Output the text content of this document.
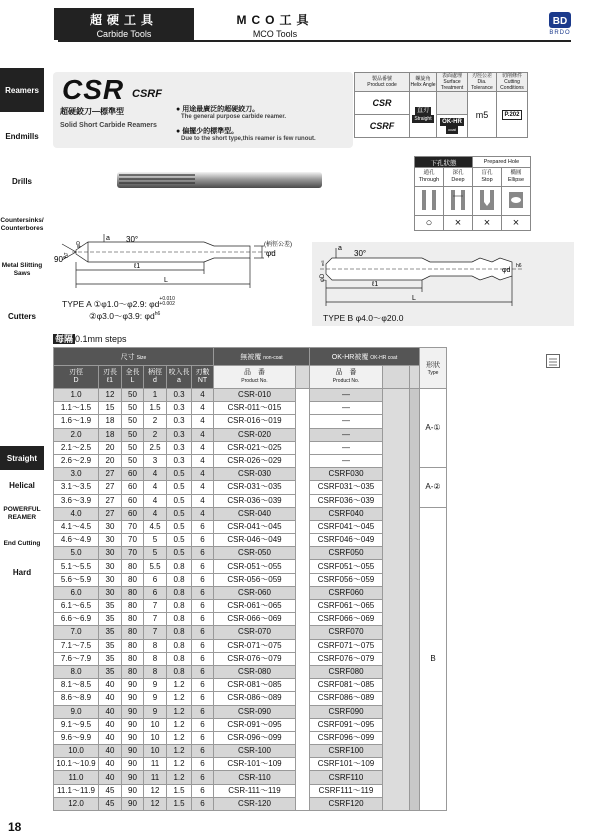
超硬工具
Carbide Tools
MCO工具
MCO Tools
BD
BRDO
Reamers
Endmills
Drills
Countersinks/ Counterbores
Metal Slitting Saws
Cutters
Straight
Helical
POWERFUL REAMER
End Cutting
Hard
CSR CSRF
超硬鉸刀—標準型
Solid Short Carbide Reamers
● 用途最廣泛的超硬絞刀。
The general purpose carbide reamer.
● 偏擺少的標準型。
Due to the short type,this reamer is few runout.
製品番號
Product code	螺旋角
Helix Angle	表面處理
Surface Treatment	刃徑公差
Dia. Tolerance	切削條件
Cutting Conditions
CSR	直刃
Straight		m5	P.202
CSRF		OK-HR
coat		
下孔狀態		Prepared Hole	
通孔
Through	深孔
Deep	盲孔
Stop	橢圓
Ellipse

○	×	×	×
a 30°
90°
ℓ1
L
(柄徑公差)
φd
φD
h7
TYPE A ①φ1.0～φ2.9: φd+0.010
+0.002
②φ3.0～φ3.9: $\varphi d^{h6}$
a
30°
ℓ1
L
φd
h6
φD
m5
TYPE B φ4.0～φ20.0
每隔 0.1mm steps
尺寸 Size						無被覆 non-coat		OK-HR被覆 OK-HR coat			形狀
Type

刃徑
D	刃長
ℓ1	全長
L	柄徑
d	咬入長
a	刃數
NT	品　番
Product No.		品　番
Product No.			

1.0	12	50	1	0.3	4	CSR-010		—			A-①
1.1～1.5	15	50	1.5	0.3	4	CSR-011～015		—			
1.6～1.9	18	50	2	0.3	4	CSR-016～019		—			
2.0	18	50	2	0.3	4	CSR-020		—			
2.1～2.5	20	50	2.5	0.3	4	CSR-021～025		—			
2.6～2.9	20	50	3	0.3	4	CSR-026～029		—			
3.0	27	60	4	0.5	4	CSR-030		CSRF030			A-②
3.1～3.5	27	60	4	0.5	4	CSR-031～035		CSRF031～035			
3.6～3.9	27	60	4	0.5	4	CSR-036～039		CSRF036～039			
4.0	27	60	4	0.5	4	CSR-040		CSRF040			B
4.1～4.5	30	70	4.5	0.5	6	CSR-041～045		CSRF041～045			
4.6～4.9	30	70	5	0.5	6	CSR-046～049		CSRF046～049			
5.0	30	70	5	0.5	6	CSR-050		CSRF050			
5.1～5.5	30	80	5.5	0.8	6	CSR-051～055		CSRF051～055			
5.6～5.9	30	80	6	0.8	6	CSR-056～059		CSRF056～059			
6.0	30	80	6	0.8	6	CSR-060		CSRF060			
6.1～6.5	35	80	7	0.8	6	CSR-061～065		CSRF061～065			
6.6～6.9	35	80	7	0.8	6	CSR-066～069		CSRF066～069			
7.0	35	80	7	0.8	6	CSR-070		CSRF070			
7.1～7.5	35	80	8	0.8	6	CSR-071～075		CSRF071～075			
7.6～7.9	35	80	8	0.8	6	CSR-076～079		CSRF076～079			
8.0	35	80	8	0.8	6	CSR-080		CSRF080			
8.1～8.5	40	90	9	1.2	6	CSR-081～085		CSRF081～085			
8.6～8.9	40	90	9	1.2	6	CSR-086～089		CSRF086～089			
9.0	40	90	9	1.2	6	CSR-090		CSRF090			
9.1～9.5	40	90	10	1.2	6	CSR-091～095		CSRF091～095			
9.6～9.9	40	90	10	1.2	6	CSR-096～099		CSRF096～099			
10.0	40	90	10	1.2	6	CSR-100		CSRF100			
10.1～10.9	40	90	11	1.2	6	CSR-101～109		CSRF101～109			
11.0	40	90	11	1.2	6	CSR-110		CSRF110			
11.1～11.9	45	90	12	1.5	6	CSR-111～119		CSRF111～119			
12.0	45	90	12	1.5	6	CSR-120		CSRF120			
18
